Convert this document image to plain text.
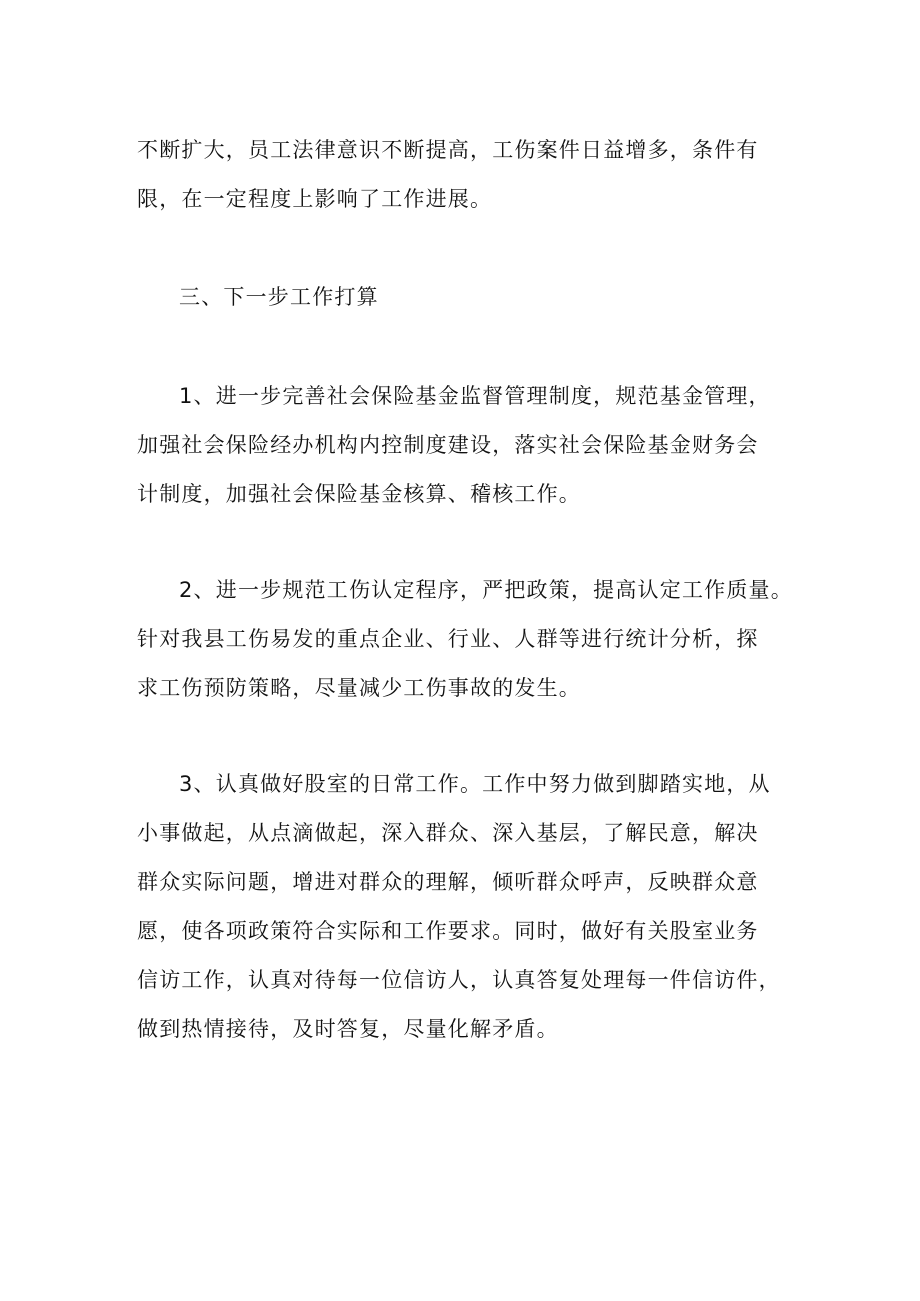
不断扩大，员工法律意识不断提高，工伤案件日益增多，条件有
限，在一定程度上影响了工作进展。

三、下一步工作打算

1、进一步完善社会保险基金监督管理制度，规范基金管理，
加强社会保险经办机构内控制度建设，落实社会保险基金财务会
计制度，加强社会保险基金核算、稽核工作。

2、进一步规范工伤认定程序，严把政策，提高认定工作质量。
针对我县工伤易发的重点企业、行业、人群等进行统计分析，探
求工伤预防策略，尽量减少工伤事故的发生。

3、认真做好股室的日常工作。工作中努力做到脚踏实地，从
小事做起，从点滴做起，深入群众、深入基层，了解民意，解决
群众实际问题，增进对群众的理解，倾听群众呼声，反映群众意
愿，使各项政策符合实际和工作要求。同时，做好有关股室业务
信访工作，认真对待每一位信访人，认真答复处理每一件信访件，
做到热情接待，及时答复，尽量化解矛盾。
